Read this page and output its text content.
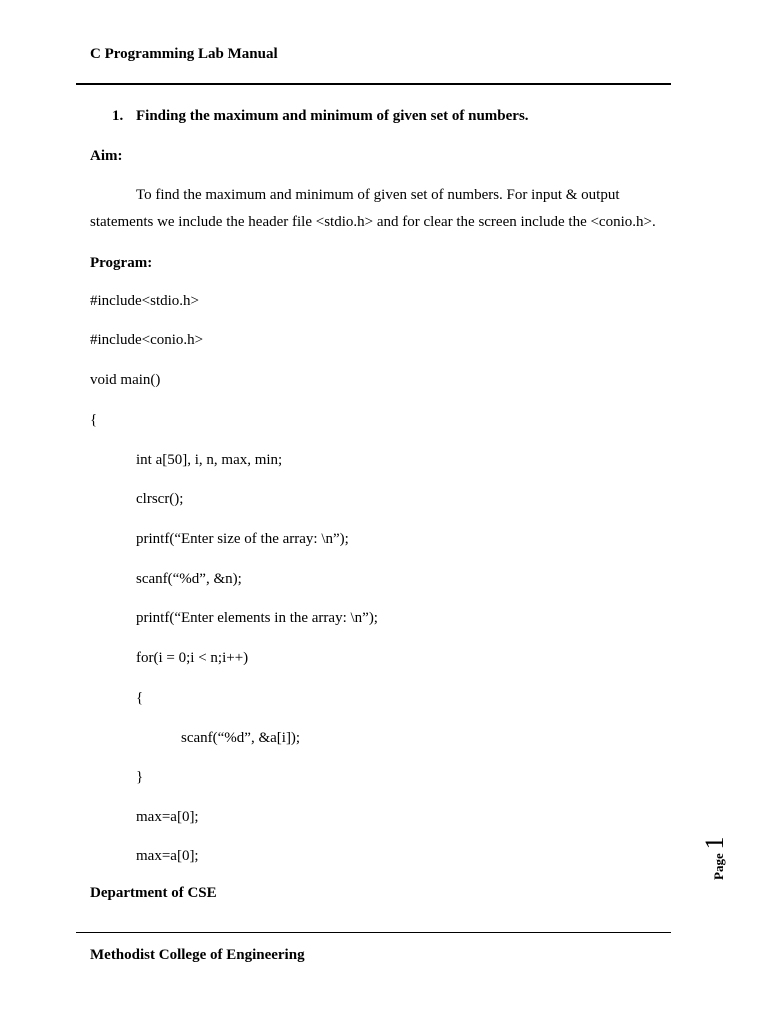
C Programming Lab Manual
1. Finding the maximum and minimum of given set of numbers.
Aim:
To find the maximum and minimum of given set of numbers. For input & output
statements we include the header file <stdio.h> and for clear the screen include the <conio.h>.
Program:
#include<stdio.h>
#include<conio.h>
void main()
{
int a[50], i, n, max, min;
clrscr();
printf(“Enter size of the array: \n”);
scanf(“%d”, &n);
printf(“Enter elements in the array: \n”);
for(i = 0;i < n;i++)
{
scanf(“%d”, &a[i]);
}
max=a[0];
max=a[0];	Page 1
Department of CSE
Methodist College of Engineering
